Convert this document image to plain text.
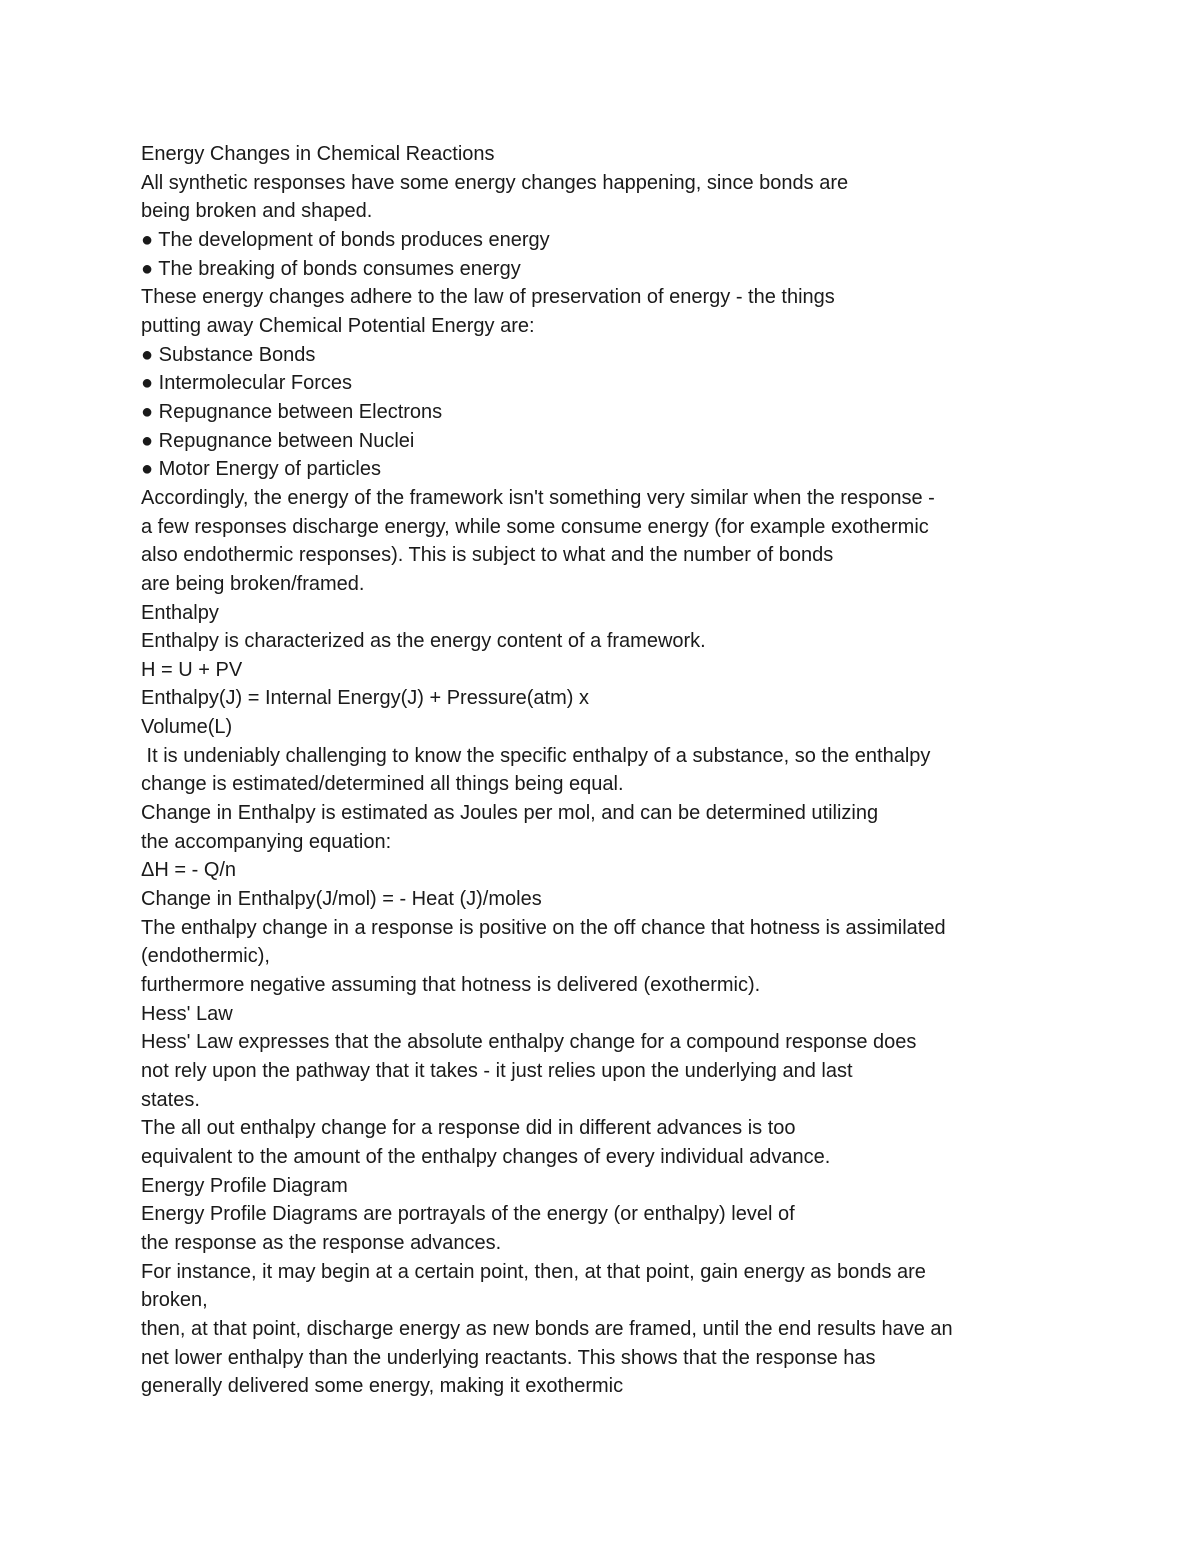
Energy Changes in Chemical Reactions
All synthetic responses have some energy changes happening, since bonds are
being broken and shaped.
● The development of bonds produces energy
● The breaking of bonds consumes energy
These energy changes adhere to the law of preservation of energy - the things
putting away Chemical Potential Energy are:
● Substance Bonds
● Intermolecular Forces
● Repugnance between Electrons
● Repugnance between Nuclei
● Motor Energy of particles
Accordingly, the energy of the framework isn't something very similar when the response -
a few responses discharge energy, while some consume energy (for example exothermic
also endothermic responses). This is subject to what and the number of bonds
are being broken/framed.
Enthalpy
Enthalpy is characterized as the energy content of a framework.
H = U + PV
Enthalpy(J) = Internal Energy(J) + Pressure(atm) x
Volume(L)
It is undeniably challenging to know the specific enthalpy of a substance, so the enthalpy
change is estimated/determined all things being equal.
Change in Enthalpy is estimated as Joules per mol, and can be determined utilizing
the accompanying equation:
ΔH = - Q/n
Change in Enthalpy(J/mol) = - Heat (J)/moles
The enthalpy change in a response is positive on the off chance that hotness is assimilated
(endothermic),
furthermore negative assuming that hotness is delivered (exothermic).
Hess' Law
Hess' Law expresses that the absolute enthalpy change for a compound response does
not rely upon the pathway that it takes - it just relies upon the underlying and last
states.
The all out enthalpy change for a response did in different advances is too
equivalent to the amount of the enthalpy changes of every individual advance.
Energy Profile Diagram
Energy Profile Diagrams are portrayals of the energy (or enthalpy) level of
the response as the response advances.
For instance, it may begin at a certain point, then, at that point, gain energy as bonds are
broken,
then, at that point, discharge energy as new bonds are framed, until the end results have an
net lower enthalpy than the underlying reactants. This shows that the response has
generally delivered some energy, making it exothermic
